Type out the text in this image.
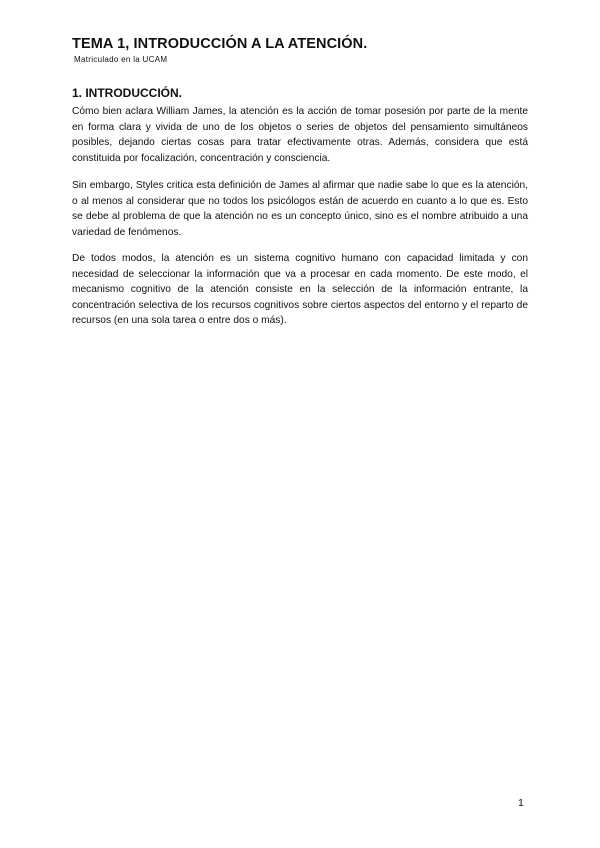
TEMA 1, INTRODUCCIÓN A LA ATENCIÓN.

Matriculado en la UCAM

1. INTRODUCCIÓN.

Cómo bien aclara William James, la atención es la acción de tomar posesión por parte de la mente en forma clara y vivida de uno de los objetos o series de objetos del pensamiento simultáneos posibles, dejando ciertas cosas para tratar efectivamente otras. Además, considera que está constituida por focalización, concentración y consciencia.

Sin embargo, Styles critica esta definición de James al afirmar que nadie sabe lo que es la atención, o al menos al considerar que no todos los psicólogos están de acuerdo en cuanto a lo que es. Esto se debe al problema de que la atención no es un concepto único, sino es el nombre atribuido a una variedad de fenómenos.

De todos modos, la atención es un sistema cognitivo humano con capacidad limitada y con necesidad de seleccionar la información que va a procesar en cada momento. De este modo, el mecanismo cognitivo de la atención consiste en la selección de la información entrante, la concentración selectiva de los recursos cognitivos sobre ciertos aspectos del entorno y el reparto de recursos (en una sola tarea o entre dos o más).

1
